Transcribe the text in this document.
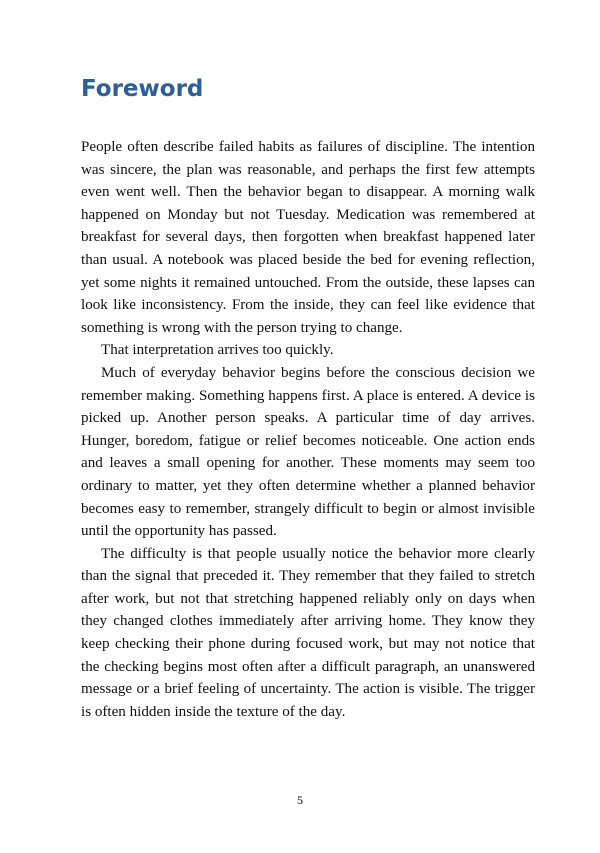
Foreword

People often describe failed habits as failures of discipline. The intention was sincere, the plan was reasonable, and perhaps the first few attempts even went well. Then the behavior began to disappear. A morning walk happened on Monday but not Tuesday. Medication was remembered at breakfast for several days, then forgotten when breakfast happened later than usual. A notebook was placed beside the bed for evening reflection, yet some nights it remained untouched. From the outside, these lapses can look like inconsistency. From the inside, they can feel like evidence that something is wrong with the person trying to change.

That interpretation arrives too quickly.

Much of everyday behavior begins before the conscious decision we remember making. Something happens first. A place is entered. A device is picked up. Another person speaks. A particular time of day arrives. Hunger, boredom, fatigue or relief becomes noticeable. One action ends and leaves a small opening for another. These moments may seem too ordinary to matter, yet they often determine whether a planned behavior becomes easy to remember, strangely difficult to begin or almost invisible until the opportunity has passed.

The difficulty is that people usually notice the behavior more clearly than the signal that preceded it. They remember that they failed to stretch after work, but not that stretching happened reliably only on days when they changed clothes immediately after arriving home. They know they keep checking their phone during focused work, but may not notice that the checking begins most often after a difficult paragraph, an unanswered message or a brief feeling of uncertainty. The action is visible. The trigger is often hidden inside the texture of the day.

5
